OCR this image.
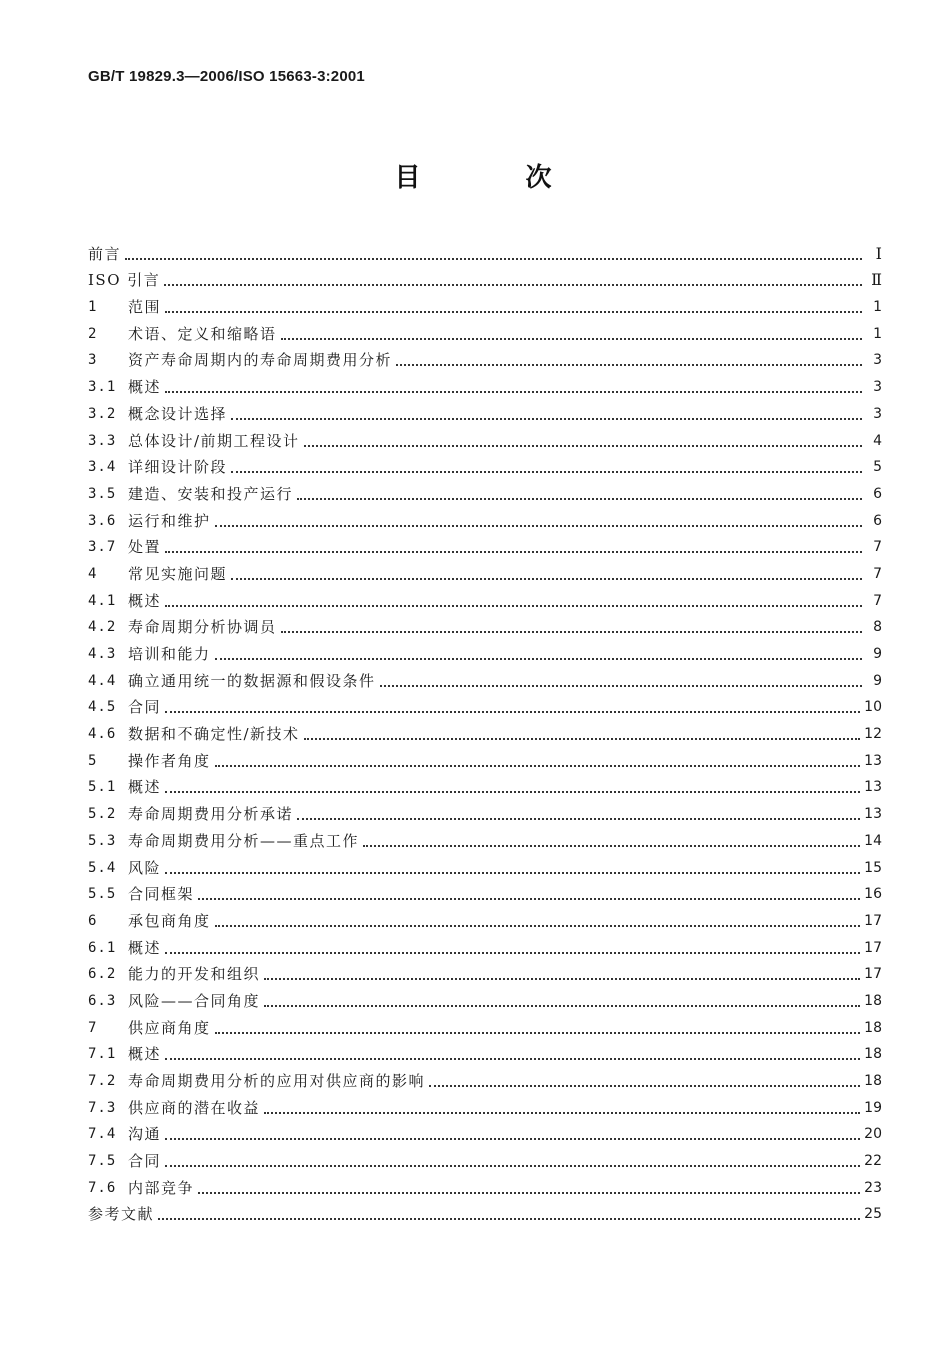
GB/T 19829.3—2006/ISO 15663-3:2001
目 次
前言	Ⅰ
ISO 引言	Ⅱ
1	范围	1
2	术语、定义和缩略语	1
3	资产寿命周期内的寿命周期费用分析	3
3.1 概述	3
3.2 概念设计选择	3
3.3 总体设计/前期工程设计	4
3.4 详细设计阶段	5
3.5 建造、安装和投产运行	6
3.6 运行和维护	6
3.7 处置	7
4	常见实施问题	7
4.1 概述	7
4.2 寿命周期分析协调员	8
4.3 培训和能力	9
4.4 确立通用统一的数据源和假设条件	9
4.5 合同	10
4.6 数据和不确定性/新技术	12
5	操作者角度	13
5.1 概述	13
5.2 寿命周期费用分析承诺	13
5.3 寿命周期费用分析——重点工作	14
5.4 风险	15
5.5 合同框架	16
6	承包商角度	17
6.1 概述	17
6.2 能力的开发和组织	17
6.3 风险——合同角度	18
7	供应商角度	18
7.1 概述	18
7.2 寿命周期费用分析的应用对供应商的影响	18
7.3 供应商的潜在收益	19
7.4 沟通	20
7.5 合同	22
7.6 内部竞争	23
参考文献	25
